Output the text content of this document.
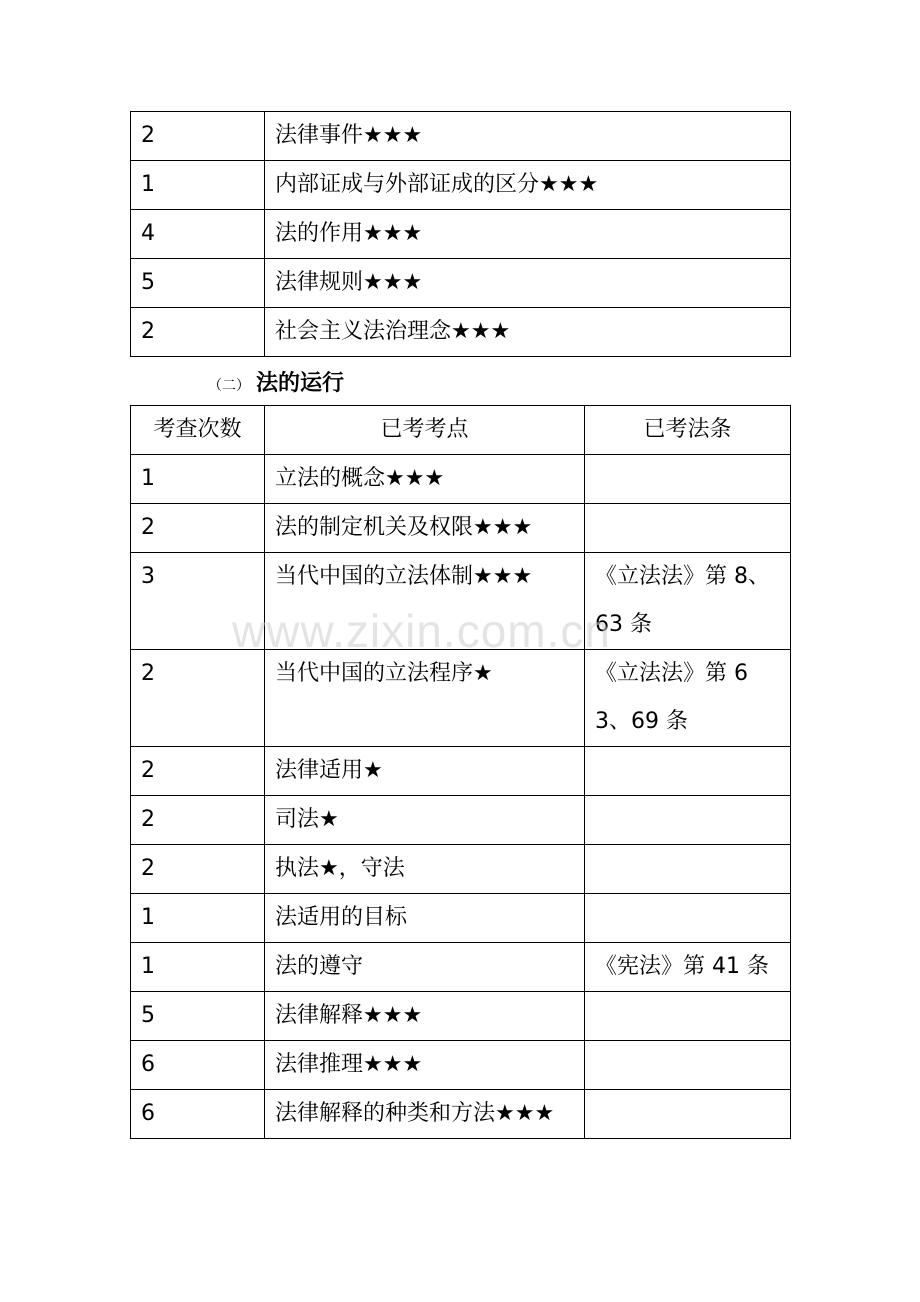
2	法律事件★★★
1	内部证成与外部证成的区分★★★
4	法的作用★★★
5	法律规则★★★
2	社会主义法治理念★★★
（二） 法的运行
考查次数	已考考点	已考法条
1	立法的概念★★★	
2	法的制定机关及权限★★★	
3	当代中国的立法体制★★★	《立法法》第 8、63 条
2	当代中国的立法程序★	《立法法》第 63、69 条
2	法律适用★	
2	司法★	
2	执法★，守法	
1	法适用的目标	
1	法的遵守	《宪法》第 41 条
5	法律解释★★★	
6	法律推理★★★	
6	法律解释的种类和方法★★★	
www.zixin.com.cn
